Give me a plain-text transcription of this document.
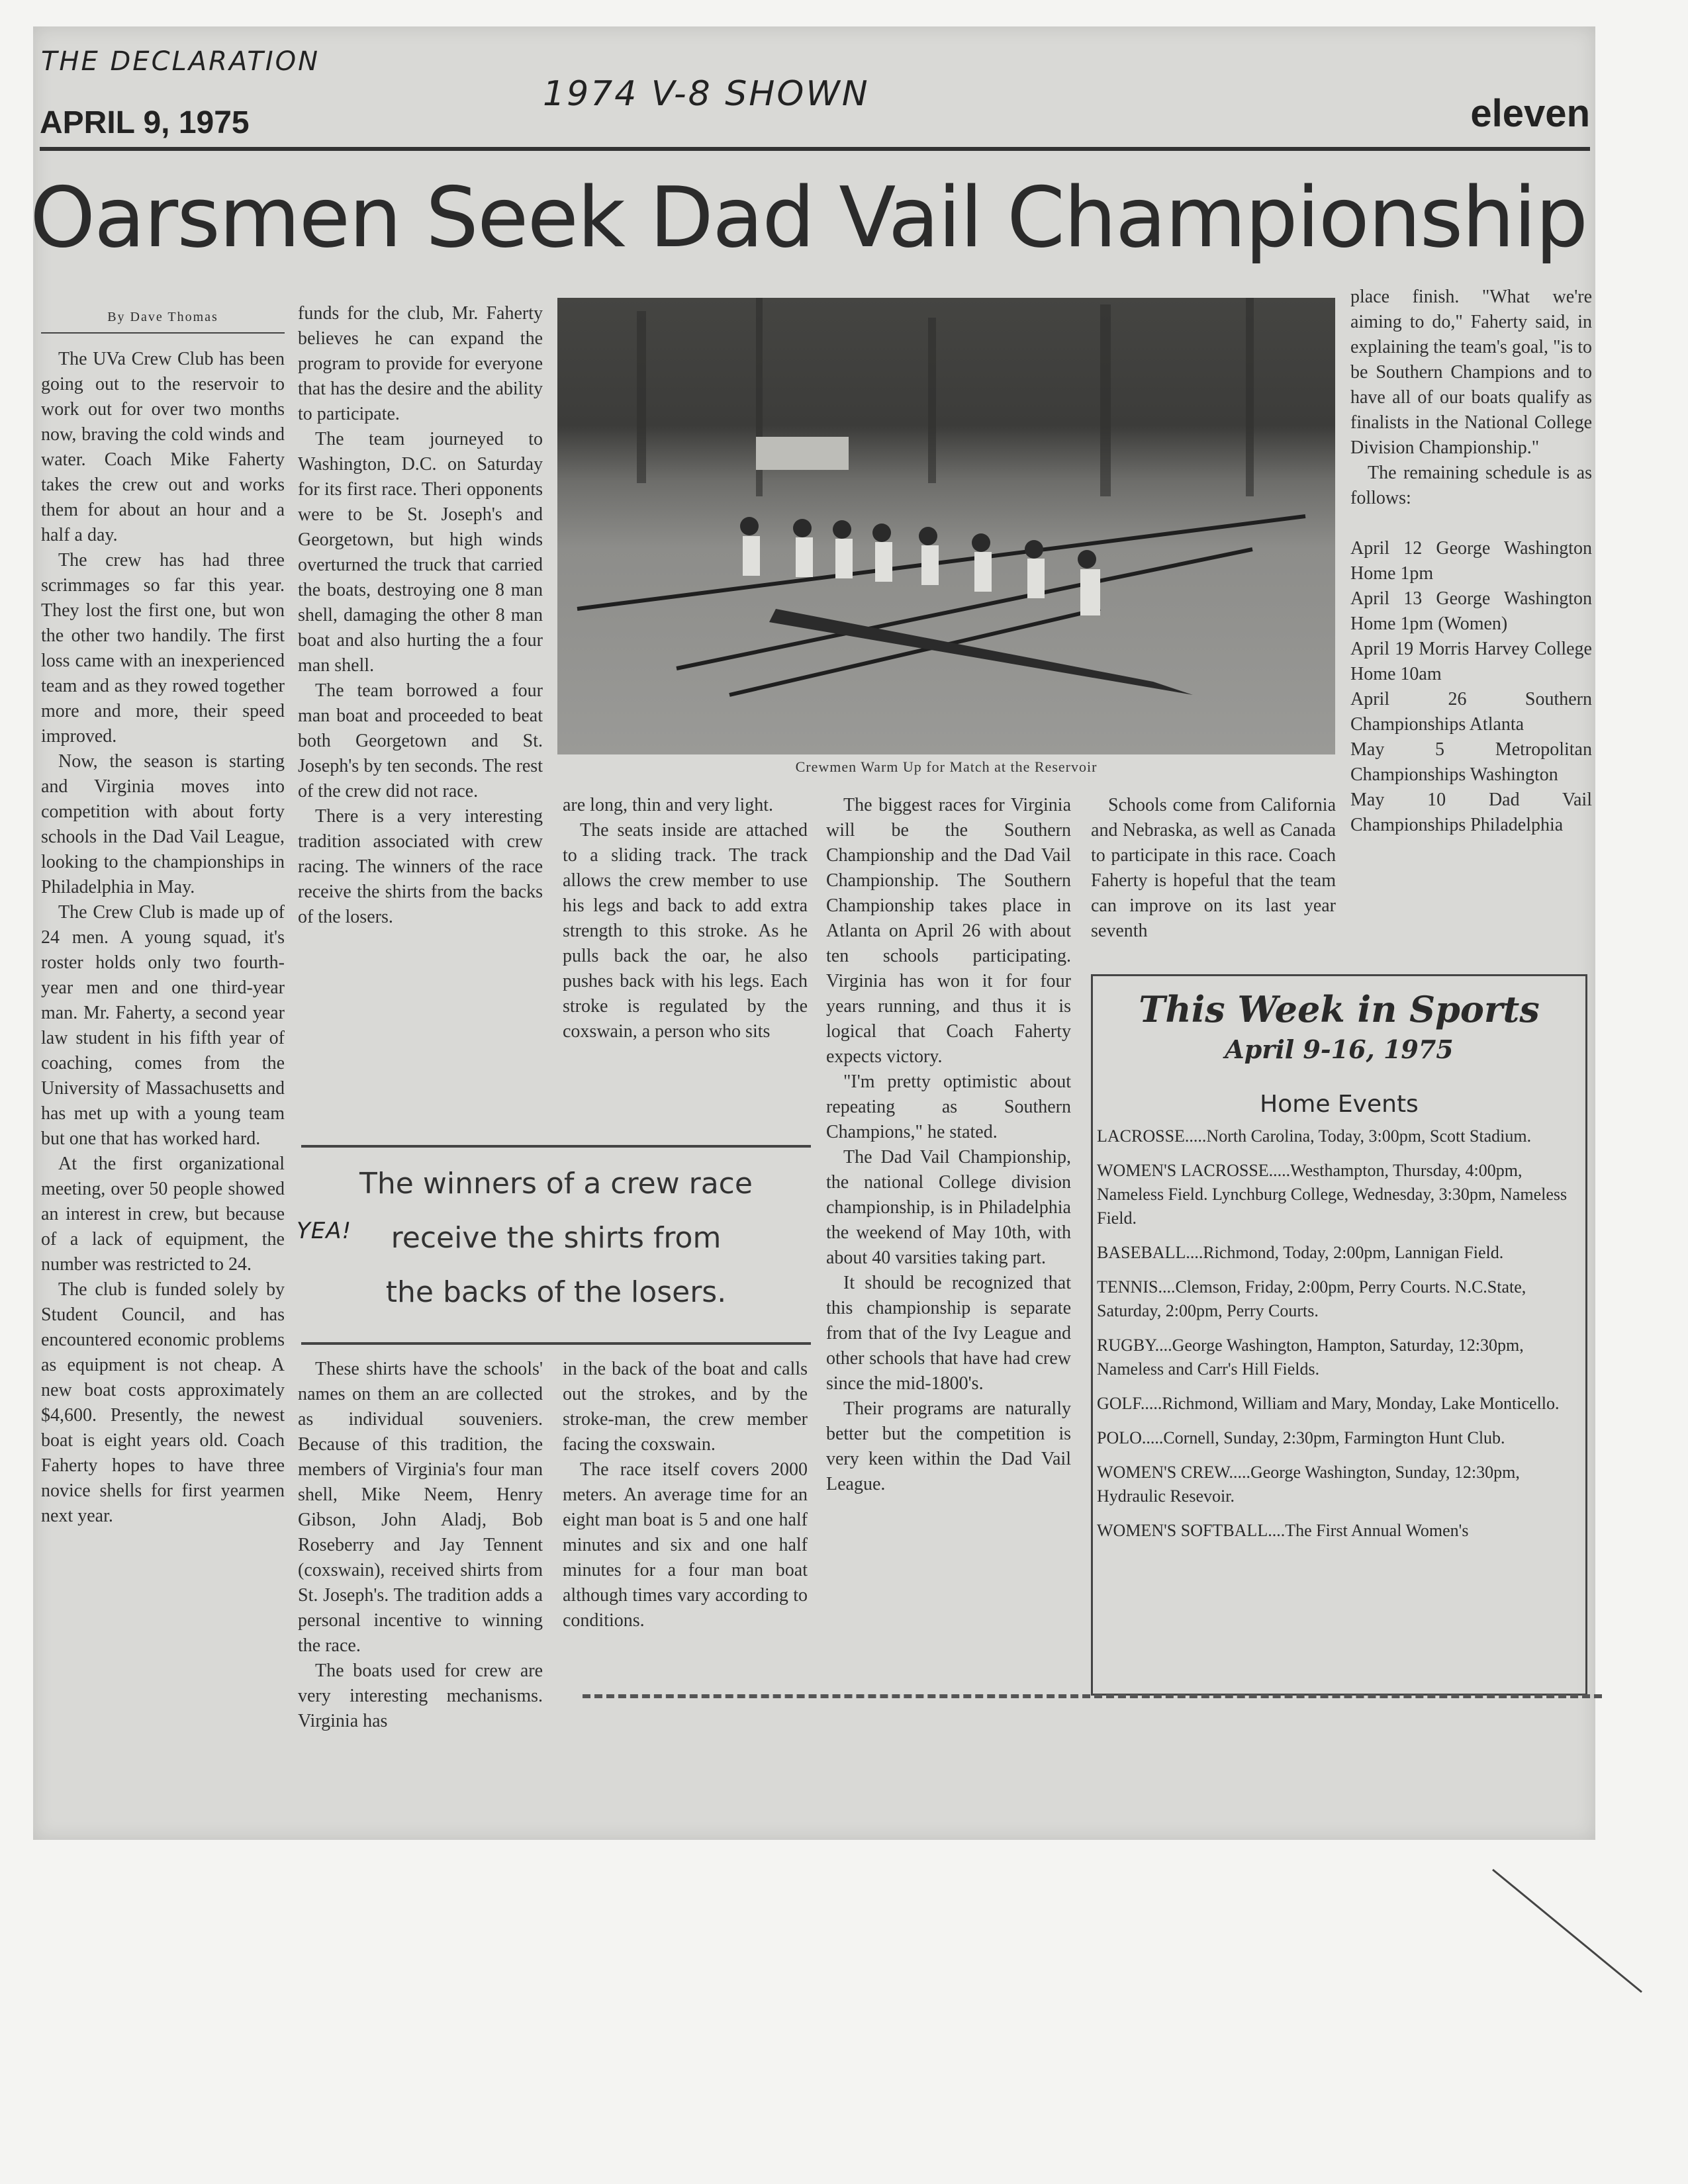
THE DECLARATION
1974 V-8 SHOWN
APRIL 9, 1975	eleven
Oarsmen Seek Dad Vail Championship
By Dave Thomas

The UVa Crew Club has been going out to the reservoir to work out for over two months now, braving the cold winds and water. Coach Mike Faherty takes the crew out and works them for about an hour and a half a day.

The crew has had three scrimmages so far this year. They lost the first one, but won the other two handily. The first loss came with an inexperienced team and as they rowed together more and more, their speed improved.

Now, the season is starting and Virginia moves into competition with about forty schools in the Dad Vail League, looking to the championships in Philadelphia in May.

The Crew Club is made up of 24 men. A young squad, it's roster holds only two fourth-year men and one third-year man. Mr. Faherty, a second year law student in his fifth year of coaching, comes from the University of Massachusetts and has met up with a young team but one that has worked hard.

At the first organizational meeting, over 50 people showed an interest in crew, but because of a lack of equipment, the number was restricted to 24.

The club is funded solely by Student Council, and has encountered economic problems as equipment is not cheap. A new boat costs approximately $4,600. Presently, the newest boat is eight years old. Coach Faherty hopes to have three novice shells for first yearmen next year.

funds for the club, Mr. Faherty believes he can expand the program to provide for everyone that has the desire and the ability to participate.

The team journeyed to Washington, D.C. on Saturday for its first race. Theri opponents were to be St. Joseph's and Georgetown, but high winds overturned the truck that carried the boats, destroying one 8 man shell, damaging the other 8 man boat and also hurting the a four man shell.

The team borrowed a four man boat and proceeded to beat both Georgetown and St. Joseph's by ten seconds. The rest of the crew did not race.

There is a very interesting tradition associated with crew racing. The winners of the race receive the shirts from the backs of the losers.

Crewmen Warm Up for Match at the Reservoir

are long, thin and very light.

The seats inside are attached to a sliding track. The track allows the crew member to use his legs and back to add extra strength to this stroke. As he pulls back the oar, he also pushes back with his legs. Each stroke is regulated by the coxswain, a person who sits

The winners of a crew race
receive the shirts from
the backs of the losers.
YEA!

These shirts have the schools' names on them an are collected as individual souveniers. Because of this tradition, the members of Virginia's four man shell, Mike Neem, Henry Gibson, John Aladj, Bob Roseberry and Jay Tennent (coxswain), received shirts from St. Joseph's. The tradition adds a personal incentive to winning the race.

The boats used for crew are very interesting mechanisms. Virginia has

in the back of the boat and calls out the strokes, and by the stroke-man, the crew member facing the coxswain.

The race itself covers 2000 meters. An average time for an eight man boat is 5 and one half minutes and six and one half minutes for a four man boat although times vary according to conditions.

The biggest races for Virginia will be the Southern Championship and the Dad Vail Championship. The Southern Championship takes place in Atlanta on April 26 with about ten schools participating. Virginia has won it for four years running, and thus it is logical that Coach Faherty expects victory.

"I'm pretty optimistic about repeating as Southern Champions," he stated.

The Dad Vail Championship, the national College division championship, is in Philadelphia the weekend of May 10th, with about 40 varsities taking part.

It should be recognized that this championship is separate from that of the Ivy League and other schools that have had crew since the mid-1800's.

Their programs are naturally better but the competition is very keen within the Dad Vail League.

Schools come from California and Nebraska, as well as Canada to participate in this race. Coach Faherty is hopeful that the team can improve on its last year seventh

place finish. "What we're aiming to do," Faherty said, in explaining the team's goal, "is to be Southern Champions and to have all of our boats qualify as finalists in the National College Division Championship."

The remaining schedule is as follows:

April 12 George Washington Home 1pm

April 13 George Washington Home 1pm (Women)

April 19 Morris Harvey College Home 10am

April 26 Southern Championships Atlanta

May 5 Metropolitan Championships Washington

May 10 Dad Vail Championships Philadelphia

This Week in Sports
April 9-16, 1975
Home Events
LACROSSE.....North Carolina, Today, 3:00pm, Scott Stadium.
WOMEN'S LACROSSE.....Westhampton, Thursday, 4:00pm, Nameless Field. Lynchburg College, Wednesday, 3:30pm, Nameless Field.
BASEBALL....Richmond, Today, 2:00pm, Lannigan Field.
TENNIS....Clemson, Friday, 2:00pm, Perry Courts. N.C.State, Saturday, 2:00pm, Perry Courts.
RUGBY....George Washington, Hampton, Saturday, 12:30pm, Nameless and Carr's Hill Fields.
GOLF.....Richmond, William and Mary, Monday, Lake Monticello.
POLO.....Cornell, Sunday, 2:30pm, Farmington Hunt Club.
WOMEN'S CREW.....George Washington, Sunday, 12:30pm, Hydraulic Resevoir.
WOMEN'S SOFTBALL....The First Annual Women's
